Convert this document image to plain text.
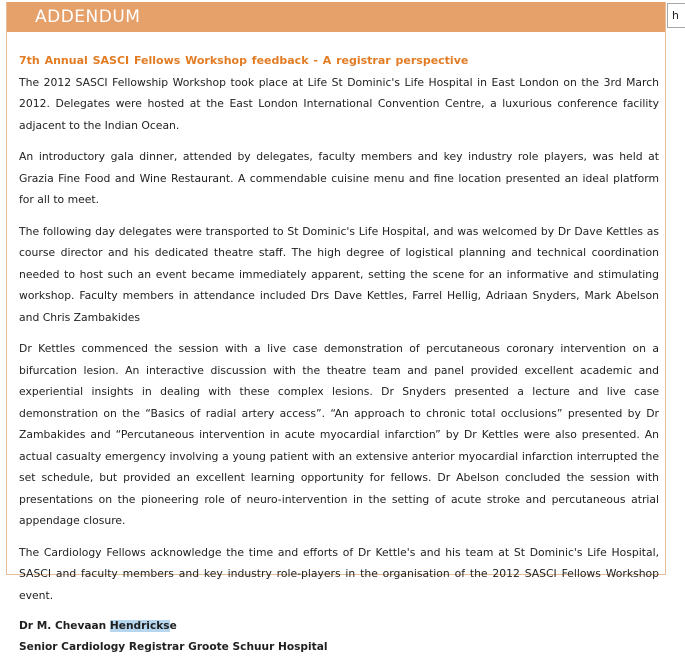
ADDENDUM
7th Annual SASCI Fellows Workshop feedback - A registrar perspective

The 2012 SASCI Fellowship Workshop took place at Life St Dominic's Life Hospital in East London on the 3rd March 2012. Delegates were hosted at the East London International Convention Centre, a luxurious conference facility adjacent to the Indian Ocean.

An introductory gala dinner, attended by delegates, faculty members and key industry role players, was held at Grazia Fine Food and Wine Restaurant. A commendable cuisine menu and fine location presented an ideal platform for all to meet.

The following day delegates were transported to St Dominic's Life Hospital, and was welcomed by Dr Dave Kettles as course director and his dedicated theatre staff. The high degree of logistical planning and technical coordination needed to host such an event became immediately apparent, setting the scene for an informative and stimulating workshop. Faculty members in attendance included Drs Dave Kettles, Farrel Hellig, Adriaan Snyders, Mark Abelson and Chris Zambakides

Dr Kettles commenced the session with a live case demonstration of percutaneous coronary intervention on a bifurcation lesion. An interactive discussion with the theatre team and panel provided excellent academic and experiential insights in dealing with these complex lesions. Dr Snyders presented a lecture and live case demonstration on the “Basics of radial artery access”. “An approach to chronic total occlusions” presented by Dr Zambakides and “Percutaneous intervention in acute myocardial infarction” by Dr Kettles were also presented. An actual casualty emergency involving a young patient with an extensive anterior myocardial infarction interrupted the set schedule, but provided an excellent learning opportunity for fellows. Dr Abelson concluded the session with presentations on the pioneering role of neuro-intervention in the setting of acute stroke and percutaneous atrial appendage closure.

The Cardiology Fellows acknowledge the time and efforts of Dr Kettle's and his team at St Dominic's Life Hospital, SASCI and faculty members and key industry role-players in the organisation of the 2012 SASCI Fellows Workshop event.

Dr M. Chevaan Hendrickse
Senior Cardiology Registrar Groote Schuur Hospital
h
